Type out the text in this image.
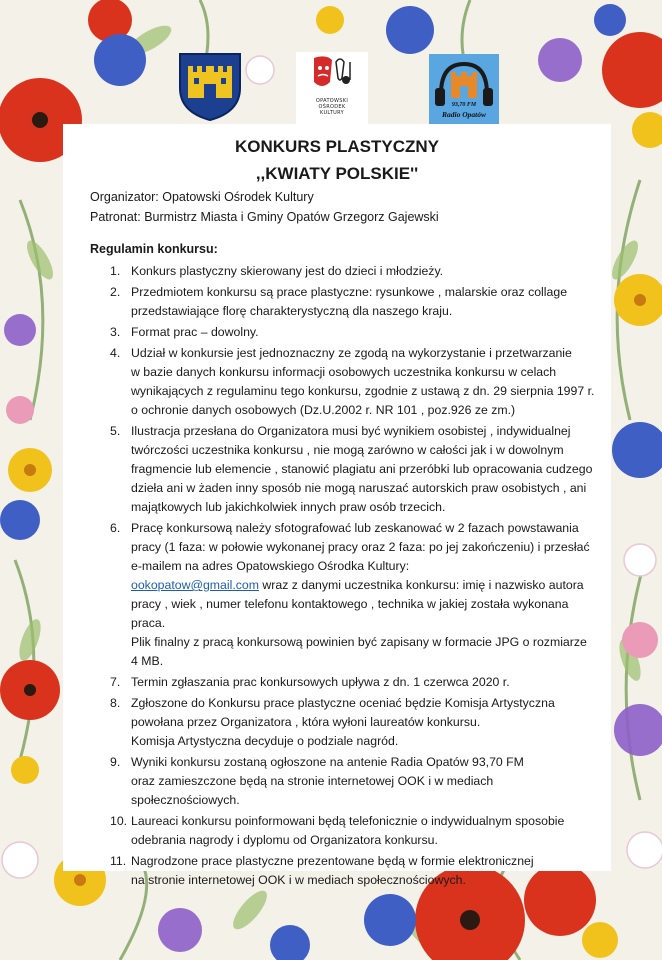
OPATOWSKI
OŚRODEK
KULTURY
93,70 FM
Radio Opatów
KONKURS PLASTYCZNY
,,KWIATY POLSKIE''
Organizator: Opatowski Ośrodek Kultury
Patronat: Burmistrz Miasta i Gminy Opatów Grzegorz Gajewski
Regulamin konkursu:
1. Konkurs plastyczny skierowany jest do dzieci i młodzieży.
2. Przedmiotem konkursu są prace plastyczne: rysunkowe , malarskie oraz collage
przedstawiające florę charakterystyczną dla naszego kraju.
3. Format prac – dowolny.
4. Udział w konkursie jest jednoznaczny ze zgodą na wykorzystanie i przetwarzanie
w bazie danych konkursu informacji osobowych uczestnika konkursu w celach
wynikających z regulaminu tego konkursu, zgodnie z ustawą z dn. 29 sierpnia 1997 r.
o ochronie danych osobowych (Dz.U.2002 r. NR 101 , poz.926 ze zm.)
5. Ilustracja przesłana do Organizatora musi być wynikiem osobistej , indywidualnej
twórczości uczestnika konkursu , nie mogą zarówno w całości jak i w dowolnym
fragmencie lub elemencie , stanowić plagiatu ani przeróbki lub opracowania cudzego
dzieła ani w żaden inny sposób nie mogą naruszać autorskich praw osobistych , ani
majątkowych lub jakichkolwiek innych praw osób trzecich.
6. Pracę konkursową należy sfotografować lub zeskanować w 2 fazach powstawania
pracy (1 faza: w połowie wykonanej pracy oraz 2 faza: po jej zakończeniu) i przesłać
e-mailem na adres Opatowskiego Ośrodka Kultury:
ookopatow@gmail.com wraz z danymi uczestnika konkursu: imię i nazwisko autora
pracy , wiek , numer telefonu kontaktowego , technika w jakiej została wykonana
praca.
Plik finalny z pracą konkursową powinien być zapisany w formacie JPG o rozmiarze
4 MB.
7. Termin zgłaszania prac konkursowych upływa z dn. 1 czerwca 2020 r.
8. Zgłoszone do Konkursu prace plastyczne oceniać będzie Komisja Artystyczna
powołana przez Organizatora , która wyłoni laureatów konkursu.
Komisja Artystyczna decyduje o podziale nagród.
9. Wyniki konkursu zostaną ogłoszone na antenie Radia Opatów 93,70 FM
oraz zamieszczone będą na stronie internetowej OOK i w mediach
społecznościowych.
10. Laureaci konkursu poinformowani będą telefonicznie o indywidualnym sposobie
odebrania nagrody i dyplomu od Organizatora konkursu.
11. Nagrodzone prace plastyczne prezentowane będą w formie elektronicznej
na stronie internetowej OOK i w mediach społecznościowych.
